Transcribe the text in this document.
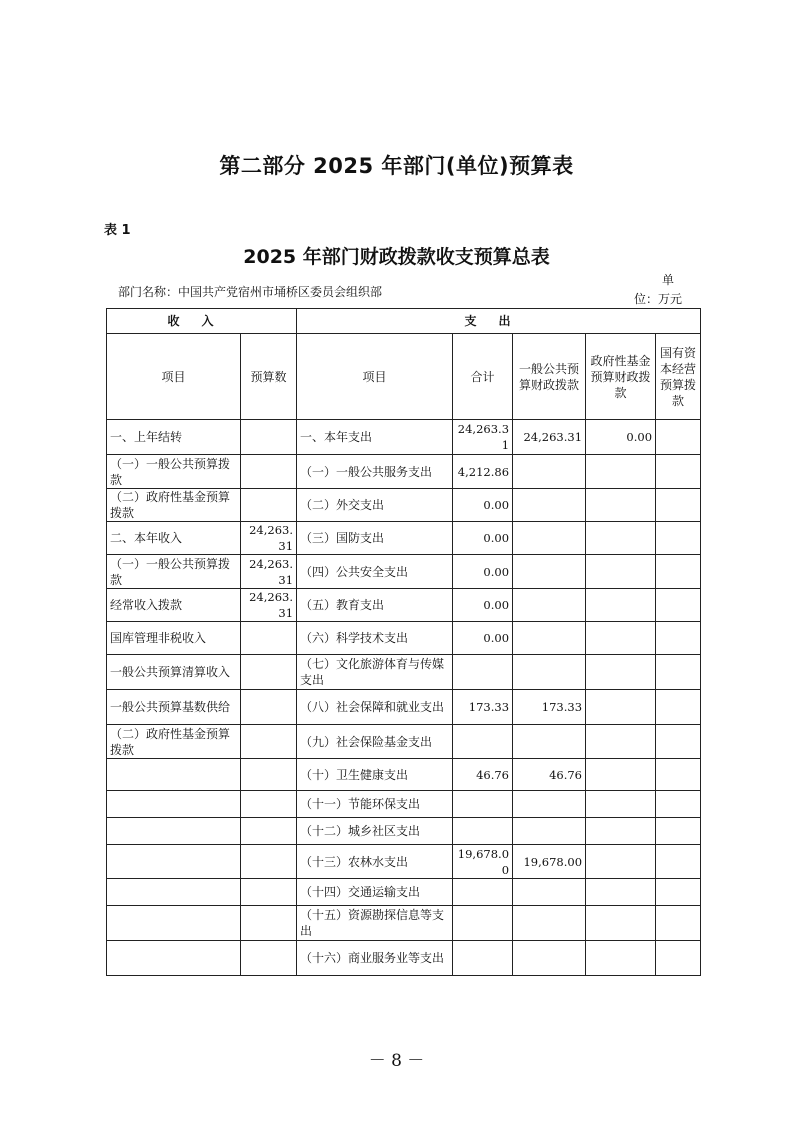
第二部分 2025 年部门(单位)预算表
表 1
2025 年部门财政拨款收支预算总表
部门名称：中国共产党宿州市埇桥区委员会组织部
单
位：万元
收入		支出				
项目	预算数	项目	合计	一般公共预算财政拨款	政府性基金预算财政拨款	国有资本经营预算拨款
一、上年结转		一、本年支出	24,263.31	24,263.31	0.00	
（一）一般公共预算拨款		（一）一般公共服务支出	4,212.86			
（二）政府性基金预算拨款		（二）外交支出	0.00			
二、本年收入	24,263.31	（三）国防支出	0.00			
（一）一般公共预算拨款	24,263.31	（四）公共安全支出	0.00			
经常收入拨款	24,263.31	（五）教育支出	0.00			
国库管理非税收入		（六）科学技术支出	0.00			
一般公共预算清算收入		（七）文化旅游体育与传媒支出				
一般公共预算基数供给		（八）社会保障和就业支出	173.33	173.33		
（二）政府性基金预算拨款		（九）社会保险基金支出				
		（十）卫生健康支出	46.76	46.76		
		（十一）节能环保支出				
		（十二）城乡社区支出				
		（十三）农林水支出	19,678.00	19,678.00		
		（十四）交通运输支出				
		（十五）资源勘探信息等支出				
		（十六）商业服务业等支出				
－ 8 －
